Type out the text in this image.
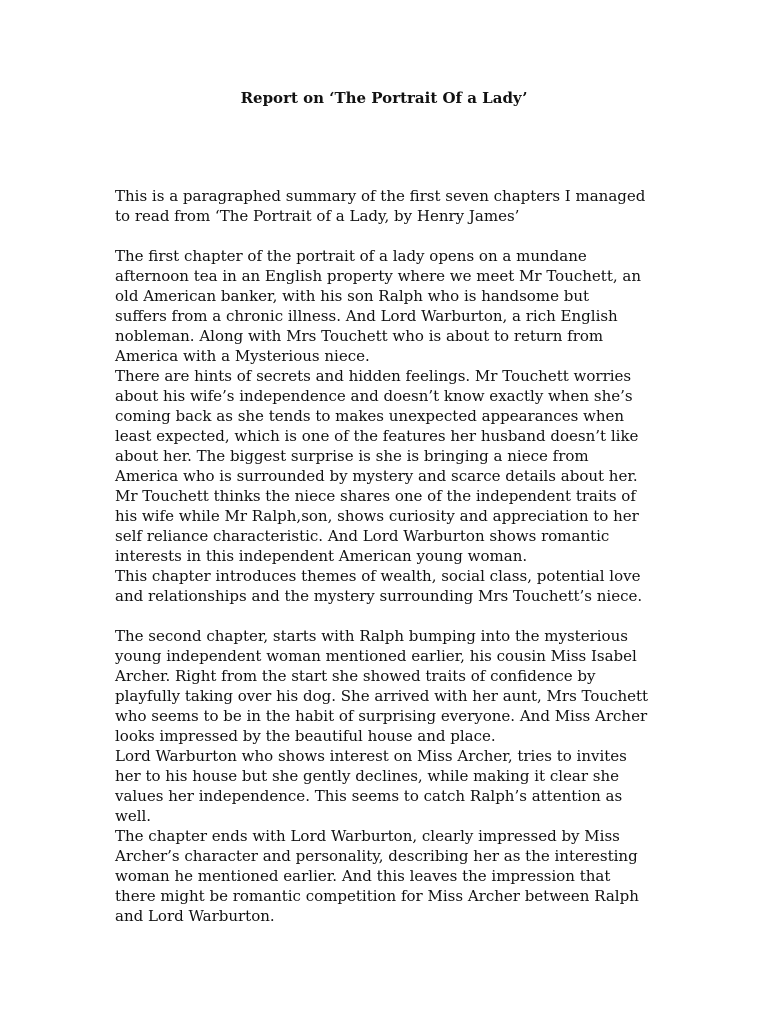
Report on ‘The Portrait Of a Lady’
This is a paragraphed summary of the first seven chapters I managed
to read from ‘The Portrait of a Lady, by Henry James’
The first chapter of the portrait of a lady opens on a mundane
afternoon tea in an English property where we meet Mr Touchett, an
old American banker, with his son Ralph who is handsome but
suffers from a chronic illness. And Lord Warburton, a rich English
nobleman. Along with Mrs Touchett who is about to return from
America with a Mysterious niece.
There are hints of secrets and hidden feelings. Mr Touchett worries
about his wife’s independence and doesn’t know exactly when she’s
coming back as she tends to makes unexpected appearances when
least expected, which is one of the features her husband doesn’t like
about her. The biggest surprise is she is bringing a niece from
America who is surrounded by mystery and scarce details about her.
Mr Touchett thinks the niece shares one of the independent traits of
his wife while Mr Ralph,son, shows curiosity and appreciation to her
self reliance characteristic. And Lord Warburton shows romantic
interests in this independent American young woman.
This chapter introduces themes of wealth, social class, potential love
and relationships and the mystery surrounding Mrs Touchett’s niece.
The second chapter, starts with Ralph bumping into the mysterious
young independent woman mentioned earlier, his cousin Miss Isabel
Archer. Right from the start she showed traits of confidence by
playfully taking over his dog. She arrived with her aunt, Mrs Touchett
who seems to be in the habit of surprising everyone. And Miss Archer
looks impressed by the beautiful house and place.
Lord Warburton who shows interest on Miss Archer, tries to invites
her to his house but she gently declines, while making it clear she
values her independence. This seems to catch Ralph’s attention as
well.
The chapter ends with Lord Warburton, clearly impressed by Miss
Archer’s character and personality, describing her as the interesting
woman he mentioned earlier. And this leaves the impression that
there might be romantic competition for Miss Archer between Ralph
and Lord Warburton.
